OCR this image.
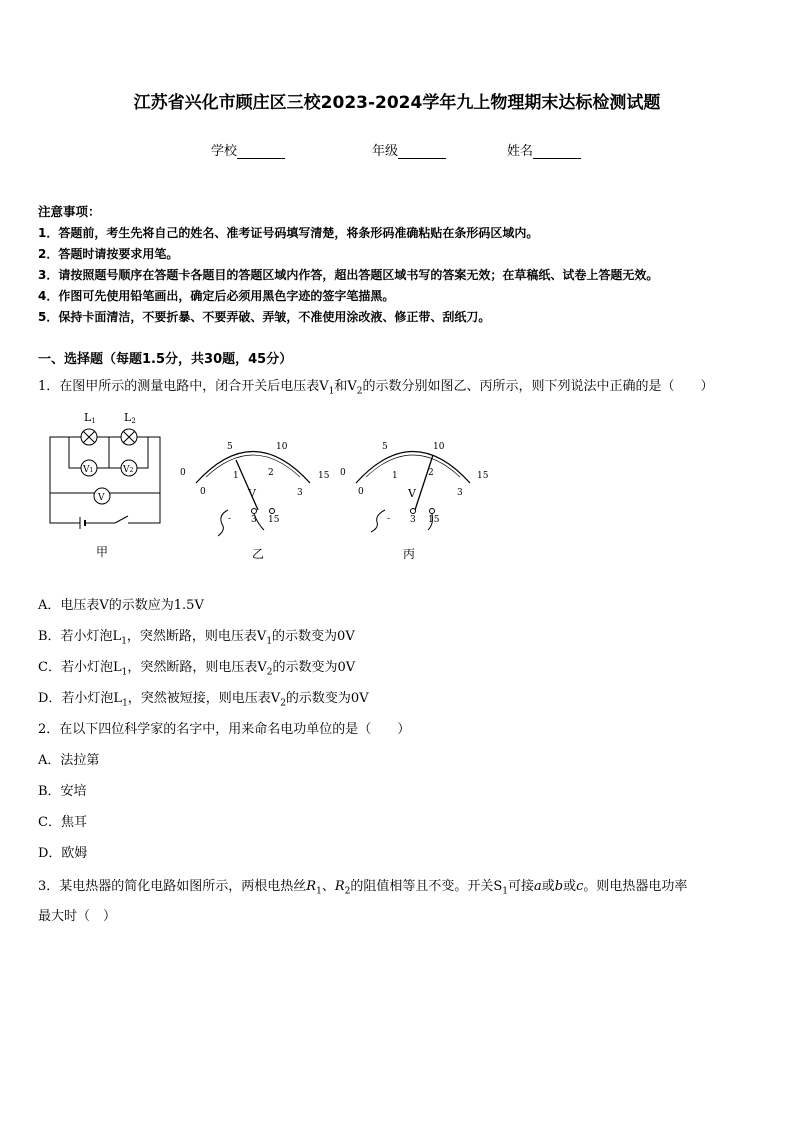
江苏省兴化市顾庄区三校2023-2024学年九上物理期末达标检测试题
学校	年级	姓名
注意事项：
1．答题前，考生先将自己的姓名、准考证号码填写清楚，将条形码准确粘贴在条形码区域内。
2．答题时请按要求用笔。
3．请按照题号顺序在答题卡各题目的答题区域内作答，超出答题区域书写的答案无效；在草稿纸、试卷上答题无效。
4．作图可先使用铅笔画出，确定后必须用黑色字迹的签字笔描黑。
5．保持卡面清洁，不要折暴、不要弄破、弄皱，不准使用涂改液、修正带、刮纸刀。
一、选择题（每题1.5分，共30题，45分）
1．在图甲所示的测量电路中，闭合开关后电压表$V_1$和$V_2$的示数分别如图乙、丙所示，则下列说法中正确的是（　　）
L1	L2
V1	V2
V
甲
5	10
15
0
0
1	2
3
V
- 3 15
乙
5	10
15
0
0
1	2
3
V
- 3 15
丙
A．电压表V的示数应为1.5V
B．若小灯泡$L_1$，突然断路，则电压表$V_1$的示数变为0V
C．若小灯泡$L_1$，突然断路，则电压表$V_2$的示数变为0V
D．若小灯泡$L_1$，突然被短接，则电压表$V_2$的示数变为0V
2．在以下四位科学家的名字中，用来命名电功单位的是（　　）
A．法拉第
B．安培
C．焦耳
D．欧姆
3．某电热器的简化电路如图所示，两根电热丝$R_1$、$R_2$的阻值相等且不变。开关$S_1$可接a或b或c。则电热器电功率
最大时（　）
